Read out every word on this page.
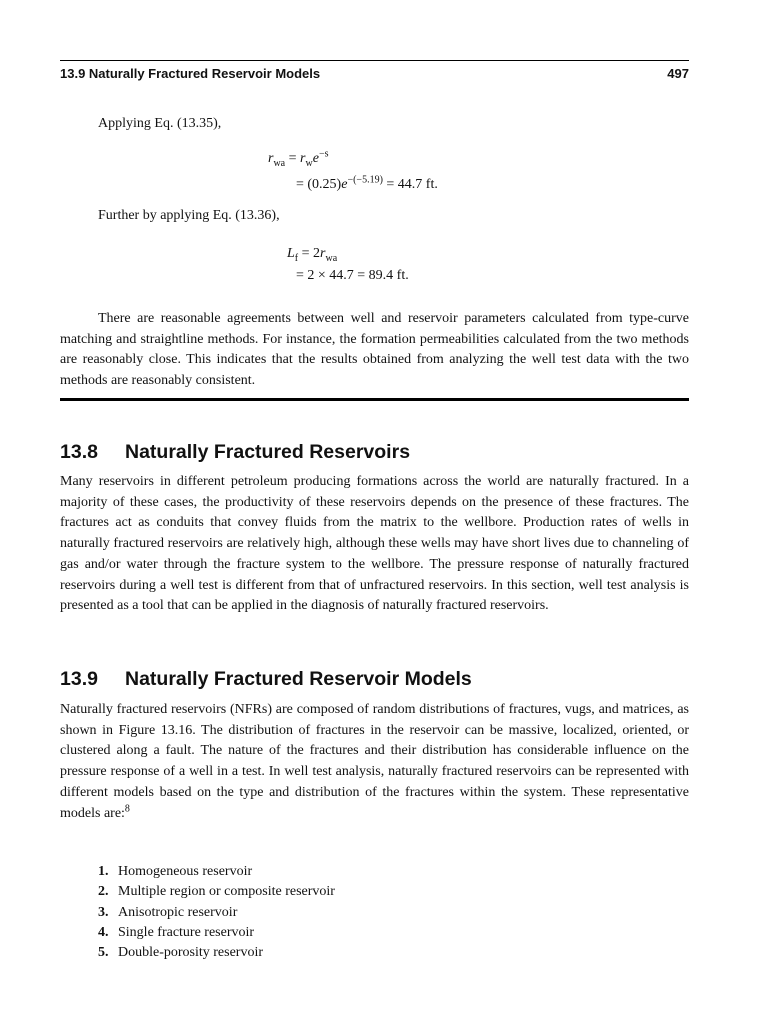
13.9 Naturally Fractured Reservoir Models	497
Applying Eq. (13.35),
$r_{wa} = r_we^{-s}$
= $(0.25)e^{-(-5.19)} = 44.7$ ft.
Further by applying Eq. (13.36),
$L_f = 2r_{wa}$
= 2 × 44.7 = 89.4 ft.

There are reasonable agreements between well and reservoir parameters calculated from type-curve matching and straightline methods. For instance, the formation permeabilities calculated from the two methods are reasonably close. This indicates that the results obtained from analyzing the well test data with the two methods are reasonably consistent.

13.8 Naturally Fractured Reservoirs

Many reservoirs in different petroleum producing formations across the world are naturally fractured. In a majority of these cases, the productivity of these reservoirs depends on the presence of these fractures. The fractures act as conduits that convey fluids from the matrix to the wellbore. Production rates of wells in naturally fractured reservoirs are relatively high, although these wells may have short lives due to channeling of gas and/or water through the fracture system to the wellbore. The pressure response of naturally fractured reservoirs during a well test is different from that of unfractured reservoirs. In this section, well test analysis is presented as a tool that can be applied in the diagnosis of naturally fractured reservoirs.

13.9 Naturally Fractured Reservoir Models

Naturally fractured reservoirs (NFRs) are composed of random distributions of fractures, vugs, and matrices, as shown in Figure 13.16. The distribution of fractures in the reservoir can be massive, localized, oriented, or clustered along a fault. The nature of the fractures and their distribution has considerable influence on the pressure response of a well in a test. In well test analysis, naturally fractured reservoirs can be represented with different models based on the type and distribution of the fractures within the system. These representative models are:$^8$

1. Homogeneous reservoir
2. Multiple region or composite reservoir
3. Anisotropic reservoir
4. Single fracture reservoir
5. Double-porosity reservoir
